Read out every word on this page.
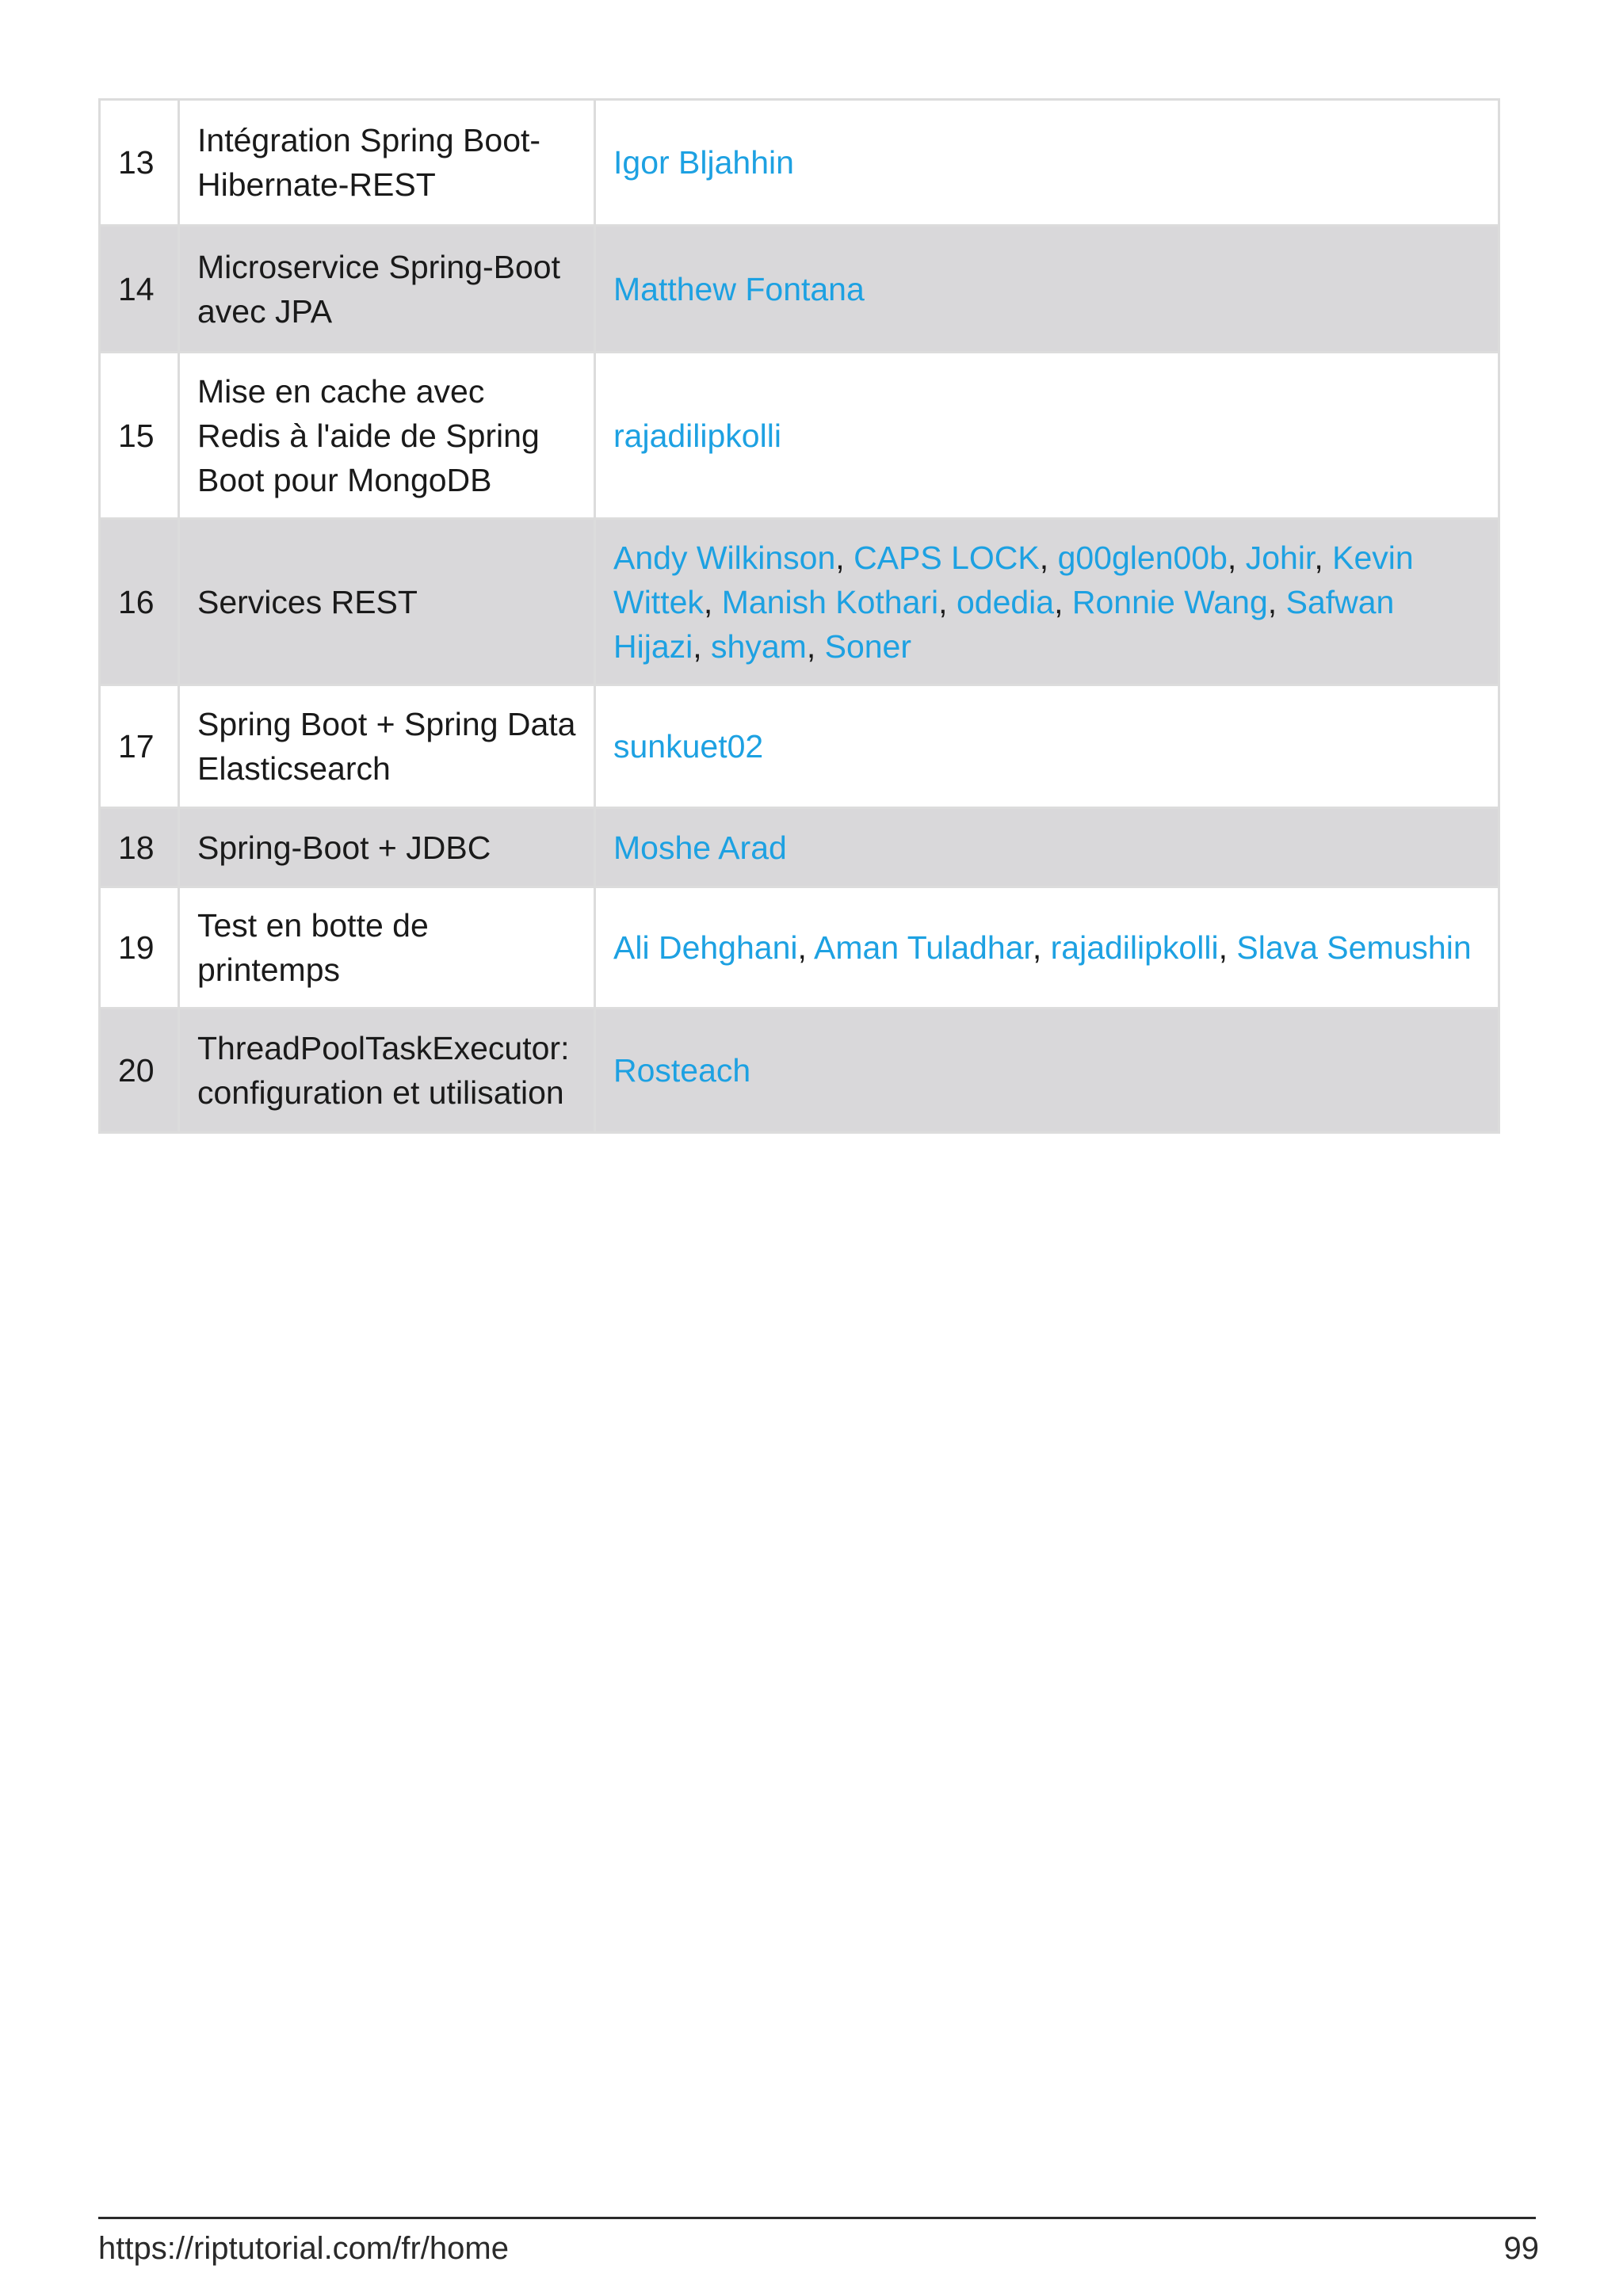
13	Intégration Spring Boot-Hibernate-REST	Igor Bljahhin
14	Microservice Spring-Boot avec JPA	Matthew Fontana
15	Mise en cache avec Redis à l'aide de Spring Boot pour MongoDB	rajadilipkolli
16	Services REST	Andy Wilkinson, CAPS LOCK, g00glen00b, Johir, Kevin Wittek, Manish Kothari, odedia, Ronnie Wang, Safwan Hijazi, shyam, Soner
17	Spring Boot + Spring Data Elasticsearch	sunkuet02
18	Spring-Boot + JDBC	Moshe Arad
19	Test en botte de printemps	Ali Dehghani, Aman Tuladhar, rajadilipkolli, Slava Semushin
20	ThreadPoolTaskExecutor: configuration et utilisation	Rosteach
https://riptutorial.com/fr/home	99
